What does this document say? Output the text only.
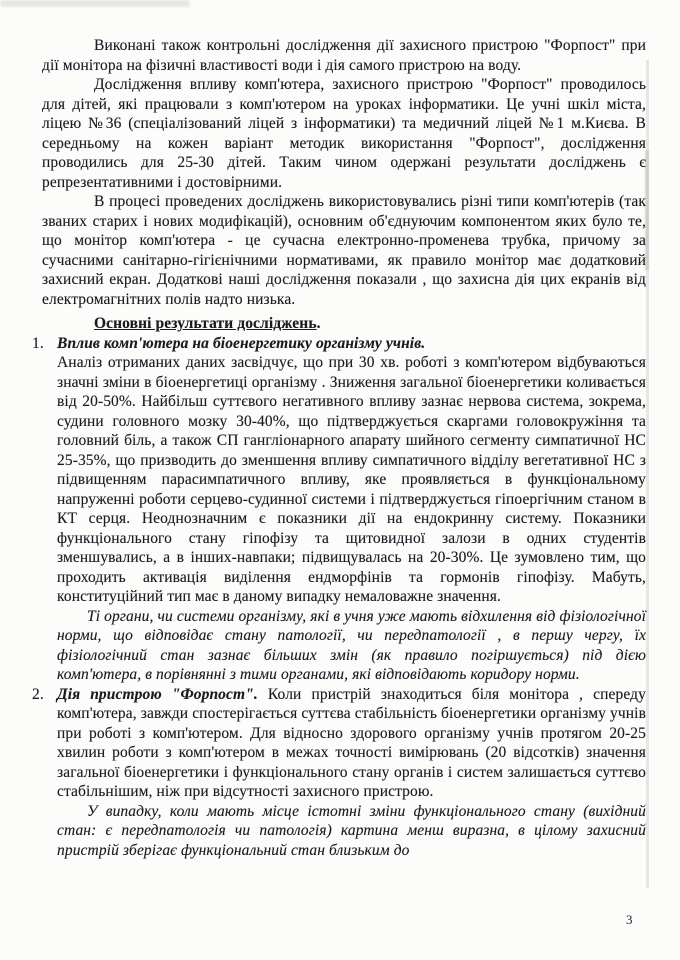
Виконані також контрольні дослідження дії захисного пристрою "Форпост" при дії монітора на фізичні властивості води і дія самого пристрою на воду.

Дослідження впливу комп'ютера, захисного пристрою "Форпост" проводилось для дітей, які працювали з комп'ютером на уроках інформатики. Це учні шкіл міста, ліцею №36 (спеціалізований ліцей з інформатики) та медичний ліцей №1 м.Києва. В середньому на кожен варіант методик використання "Форпост", дослідження проводились для 25-30 дітей. Таким чином одержані результати досліджень є репрезентативними і достовірними.

В процесі проведених досліджень використовувались різні типи комп'ютерів (так званих старих і нових модифікацій), основним об'єднуючим компонентом яких було те, що монітор комп'ютера - це сучасна електронно-променева трубка, причому за сучасними санітарно-гігієнічними нормативами, як правило монітор має додатковий захисний екран. Додаткові наші дослідження показали , що захисна дія цих екранів від електромагнітних полів надто низька.

Основні результати досліджень.

1. Вплив комп'ютера на біоенергетику організму учнів.

Аналіз отриманих даних засвідчує, що при 30 хв. роботі з комп'ютером відбуваються значні зміни в біоенергетиці організму . Зниження загальної біоенергетики коливається від 20-50%. Найбільш суттєвого негативного впливу зазнає нервова система, зокрема, судини головного мозку 30-40%, що підтверджується скаргами головокружіння та головний біль, а також СП гангліонарного апарату шийного сегменту симпатичної НС 25-35%, що призводить до зменшення впливу симпатичного відділу вегетативної НС з підвищенням парасимпатичного впливу, яке проявляється в функціональному напруженні роботи серцево-судинної системи і підтверджується гіпоергічним станом в КТ серця. Неоднозначним є показники дії на ендокринну систему. Показники функціонального стану гіпофізу та щитовидної залози в одних студентів зменшувались, а в інших-навпаки; підвищувалась на 20-30%. Це зумовлено тим, що проходить активація виділення ендморфінів та гормонів гіпофізу. Мабуть, конституційний тип має в даному випадку немаловажне значення.

Ті органи, чи системи організму, які в учня уже мають відхилення від фізіологічної норми, що відповідає стану патології, чи передпатології , в першу чергу, їх фізіологічний стан зазнає більших змін (як правило погіршується) під дією комп'ютера, в порівнянні з тими органами, які відповідають коридору норми.

2. Дія пристрою "Форпост". Коли пристрій знаходиться біля монітора , спереду комп'ютера, завжди спостерігається суттєва стабільність біоенергетики організму учнів при роботі з комп'ютером. Для відносно здорового організму учнів протягом 20-25 хвилин роботи з комп'ютером в межах точності вимірювань (20 відсотків) значення загальної біоенергетики і функціонального стану органів і систем залишається суттєво стабільнішим, ніж при відсутності захисного пристрою.

У випадку, коли мають місце істотні зміни функціонального стану (вихідний стан: є передпатологія чи патологія) картина менш виразна, в цілому захисний пристрій зберігає функціональний стан близьким до

3
